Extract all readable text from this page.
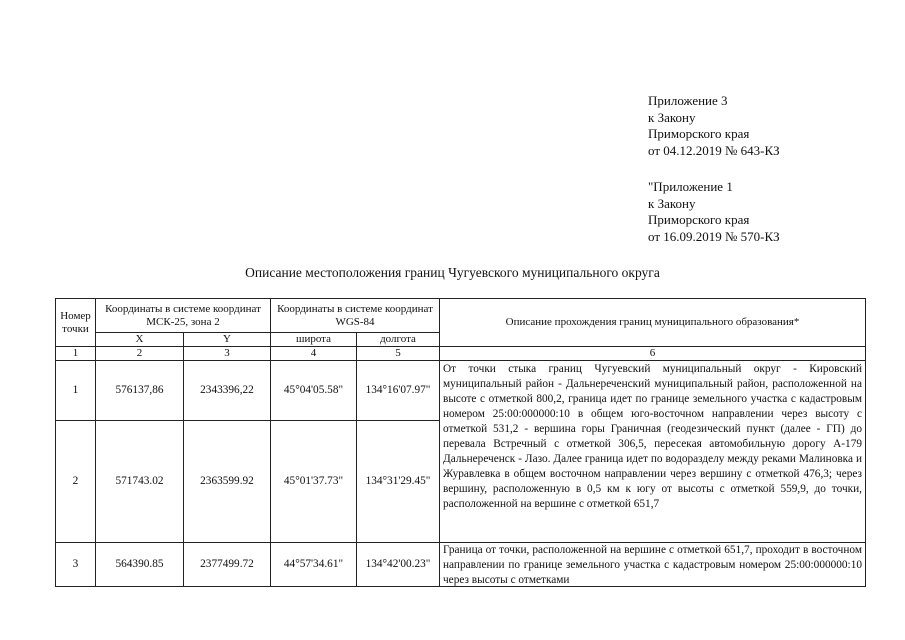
Приложение 3
к Закону
Приморского края
от 04.12.2019 № 643-КЗ
"Приложение 1
к Закону
Приморского края
от 16.09.2019 № 570-КЗ
Описание местоположения границ Чугуевского муниципального округа
Номер точки	Координаты в системе координат МСК-25, зона 2		Координаты в системе координат WGS-84		Описание прохождения границ муниципального образования*
	X	Y	широта	долгота	
1	2	3	4	5	6
1	576137,86	2343396,22	45°04'05.58"	134°16'07.97"	От точки стыка границ Чугуевский муниципальный округ - Кировский муниципальный район - Дальнереченский муниципальный район, расположенной на высоте с отметкой 800,2, граница идет по границе земельного участка с кадастровым номером 25:00:000000:10 в общем юго-восточном направлении через высоту с отметкой 531,2 - вершина горы Граничная (геодезический пункт (далее - ГП) до перевала Встречный с отметкой 306,5, пересекая автомобильную дорогу А-179 Дальнереченск - Лазо. Далее граница идет по водоразделу между реками Малиновка и Журавлевка в общем восточном направлении через вершину с отметкой 476,3; через вершину, расположенную в 0,5 км к югу от высоты с отметкой 559,9, до точки, расположенной на вершине с отметкой 651,7
2	571743.02	2363599.92	45°01'37.73"	134°31'29.45"	
3	564390.85	2377499.72	44°57'34.61"	134°42'00.23"	Граница от точки, расположенной на вершине с отметкой 651,7, проходит в восточном направлении по границе земельного участка с кадастровым номером 25:00:000000:10 через высоты с отметками
